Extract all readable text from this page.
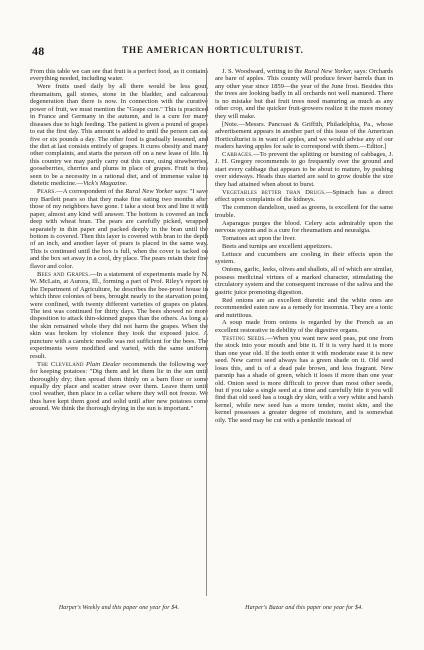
48	THE AMERICAN HORTICULTURIST.

From this table we can see that fruit is a perfect food, as it contains everything needed, including water.

Were fruits used daily by all there would be less gout, rheumatism, gall stones, stone in the bladder, and calcareous degeneration than there is now. In connection with the curative power of fruit, we must mention the "Grape cure." This is practiced in France and Germany in the autumn, and is a cure for many diseases due to high feeding. The patient is given a pound of grapes to eat the first day. This amount is added to until the person can eat five or six pounds a day. The other food is gradually lessened, and the diet at last consists entirely of grapes. It cures obesity and many other complaints, and starts the person off on a new lease of life. In this country we may partly carry out this cure, using strawberries, gooseberries, cherries and plums in place of grapes. Fruit is thus seen to be a necessity in a rational diet, and of immense value in dietetic medicine.—Vick's Magazine.

Pears.—A correspondent of the Rural New Yorker says: "I save my Bartlett pears so that they make fine eating two months after those of my neighbors have gone. I take a stout box and line it with paper, almost any kind will answer. The bottom is covered an inch deep with wheat bran. The pears are carefully picked, wrapped separately in thin paper and packed deeply in the bran until the bottom is covered. Then this layer is covered with bran to the depth of an inch, and another layer of pears is placed in the same way. This is continued until the box is full, when the cover is tacked on and the box set away in a cool, dry place. The pears retain their fine flavor and color.

Bees and Grapes.—In a statement of experiments made by N. W. McLain, at Aurora, Ill., forming a part of Prof. Riley's report to the Department of Agriculture, he describes the bee-proof house in which three colonies of bees, brought nearly to the starvation point, were confined, with twenty different varieties of grapes on plates. The test was continued for thirty days. The bees showed no more disposition to attack thin-skinned grapes than the others. As long as the skin remained whole they did not harm the grapes. When the skin was broken by violence they took the exposed juice. A puncture with a cambric needle was not sufficient for the bees. The experiments were modified and varied, with the same uniform result.

The Cleveland Plain Dealer recommends the following way for keeping potatoes: "Dig them and let them lie in the sun until thoroughly dry; then spread them thinly on a barn floor or some equally dry place and scatter straw over them. Leave them until cool weather, then place in a cellar where they will not freeze. We thus have kept them good and solid until after new potatoes come around. We think the thorough drying in the sun is important."

J. S. Woodward, writing to the Rural New Yorker, says: Orchards are bare of apples. This county will produce fewer barrels than in any other year since 1859—the year of the June frost. Besides this the trees are looking badly in all orchards not well manured. There is no mistake but that fruit trees need manuring as much as any other crop, and the quicker fruit-growers realize it the more money they will make.

[Note.—Messrs. Pancoast & Griffith, Philadelphia, Pa., whose advertisement appears in another part of this issue of the American Horticulturist is in want of apples, and we would advise any of our readers having apples for sale to correspond with them.—Editor.]

Cabbages.—To prevent the splitting or bursting of cabbages, J. J. H. Gregory recommends to go frequently over the ground and start every cabbage that appears to be about to mature, by pushing over sideways. Heads thus started are said to grow double the size they had attained when about to burst.

Vegetables better than Drugs.—Spinach has a direct effect upon complaints of the kidneys.

The common dandelion, used as greens, is excellent for the same trouble.

Asparagus purges the blood. Celery acts admirably upon the nervous system and is a cure for rheumatism and neuralgia.

Tomatoes act upon the liver.

Beets and turnips are excellent appetizers.

Lettuce and cucumbers are cooling in their effects upon the system.

Onions, garlic, leeks, olives and shallots, all of which are similar, possess medicinal virtues of a marked character, stimulating the circulatory system and the consequent increase of the saliva and the gastric juice promoting digestion.

Red onions are an excellent diuretic and the white ones are recommended eaten raw as a remedy for insomnia. They are a tonic and nutritious.

A soup made from onions is regarded by the French as an excellent restorative in debility of the digestive organs.

Testing Seeds.—When you want new seed peas, put one from the stock into your mouth and bite it. If it is very hard it is more than one year old. If the teeth enter it with moderate ease it is new seed. New carrot seed always has a green shade on it. Old seed loses this, and is of a dead pale brown, and less fragrant. New parsnip has a shade of green, which it loses if more than one year old. Onion seed is more difficult to prove than most other seeds, but if you take a single seed at a time and carefully bite it you will find that old seed has a tough dry skin, with a very white and harsh kernel, while new seed has a more tender, moist skin, and the kernel possesses a greater degree of moisture, and is somewhat oily. The seed may be cut with a penknife instead of

Harper's Weekly and this paper one year for $4.	Harper's Bazar and this paper one year for $4.
